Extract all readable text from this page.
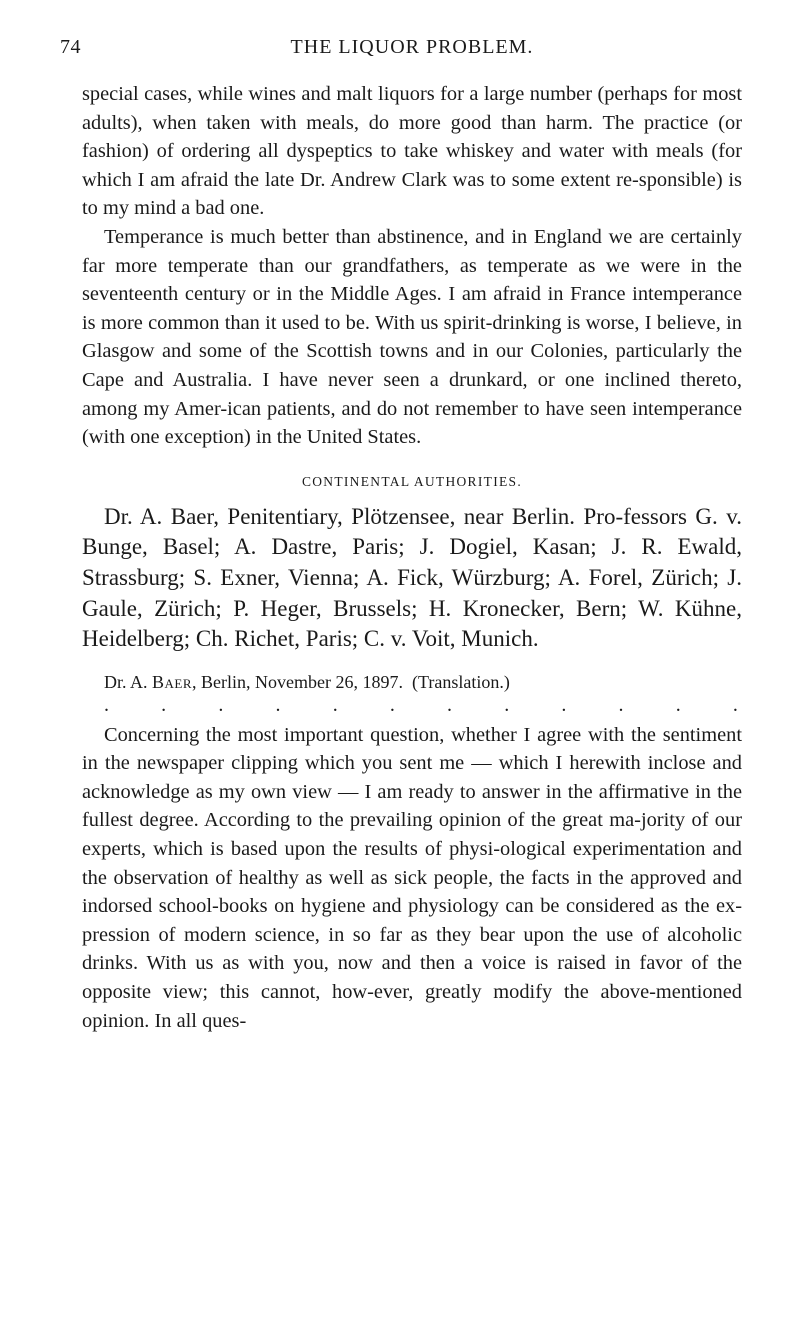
74	THE LIQUOR PROBLEM.

special cases, while wines and malt liquors for a large number (perhaps for most adults), when taken with meals, do more good than harm. The practice (or fashion) of ordering all dyspeptics to take whiskey and water with meals (for which I am afraid the late Dr. Andrew Clark was to some extent re-sponsible) is to my mind a bad one.

Temperance is much better than abstinence, and in England we are certainly far more temperate than our grandfathers, as temperate as we were in the seventeenth century or in the Middle Ages. I am afraid in France intemperance is more common than it used to be. With us spirit-drinking is worse, I believe, in Glasgow and some of the Scottish towns and in our Colonies, particularly the Cape and Australia. I have never seen a drunkard, or one inclined thereto, among my Amer-ican patients, and do not remember to have seen intemperance (with one exception) in the United States.

CONTINENTAL AUTHORITIES.

Dr. A. Baer, Penitentiary, Plötzensee, near Berlin. Pro-fessors G. v. Bunge, Basel; A. Dastre, Paris; J. Dogiel, Kasan; J. R. Ewald, Strassburg; S. Exner, Vienna; A. Fick, Würzburg; A. Forel, Zürich; J. Gaule, Zürich; P. Heger, Brussels; H. Kronecker, Bern; W. Kühne, Heidelberg; Ch. Richet, Paris; C. v. Voit, Munich.

Dr. A. Baer, Berlin, November 26, 1897. (Translation.)
.	.	.	.	.	.	.	.	.	.	.	.

Concerning the most important question, whether I agree with the sentiment in the newspaper clipping which you sent me — which I herewith inclose and acknowledge as my own view — I am ready to answer in the affirmative in the fullest degree. According to the prevailing opinion of the great ma-jority of our experts, which is based upon the results of physi-ological experimentation and the observation of healthy as well as sick people, the facts in the approved and indorsed school-books on hygiene and physiology can be considered as the ex-pression of modern science, in so far as they bear upon the use of alcoholic drinks. With us as with you, now and then a voice is raised in favor of the opposite view; this cannot, how-ever, greatly modify the above-mentioned opinion. In all ques-
